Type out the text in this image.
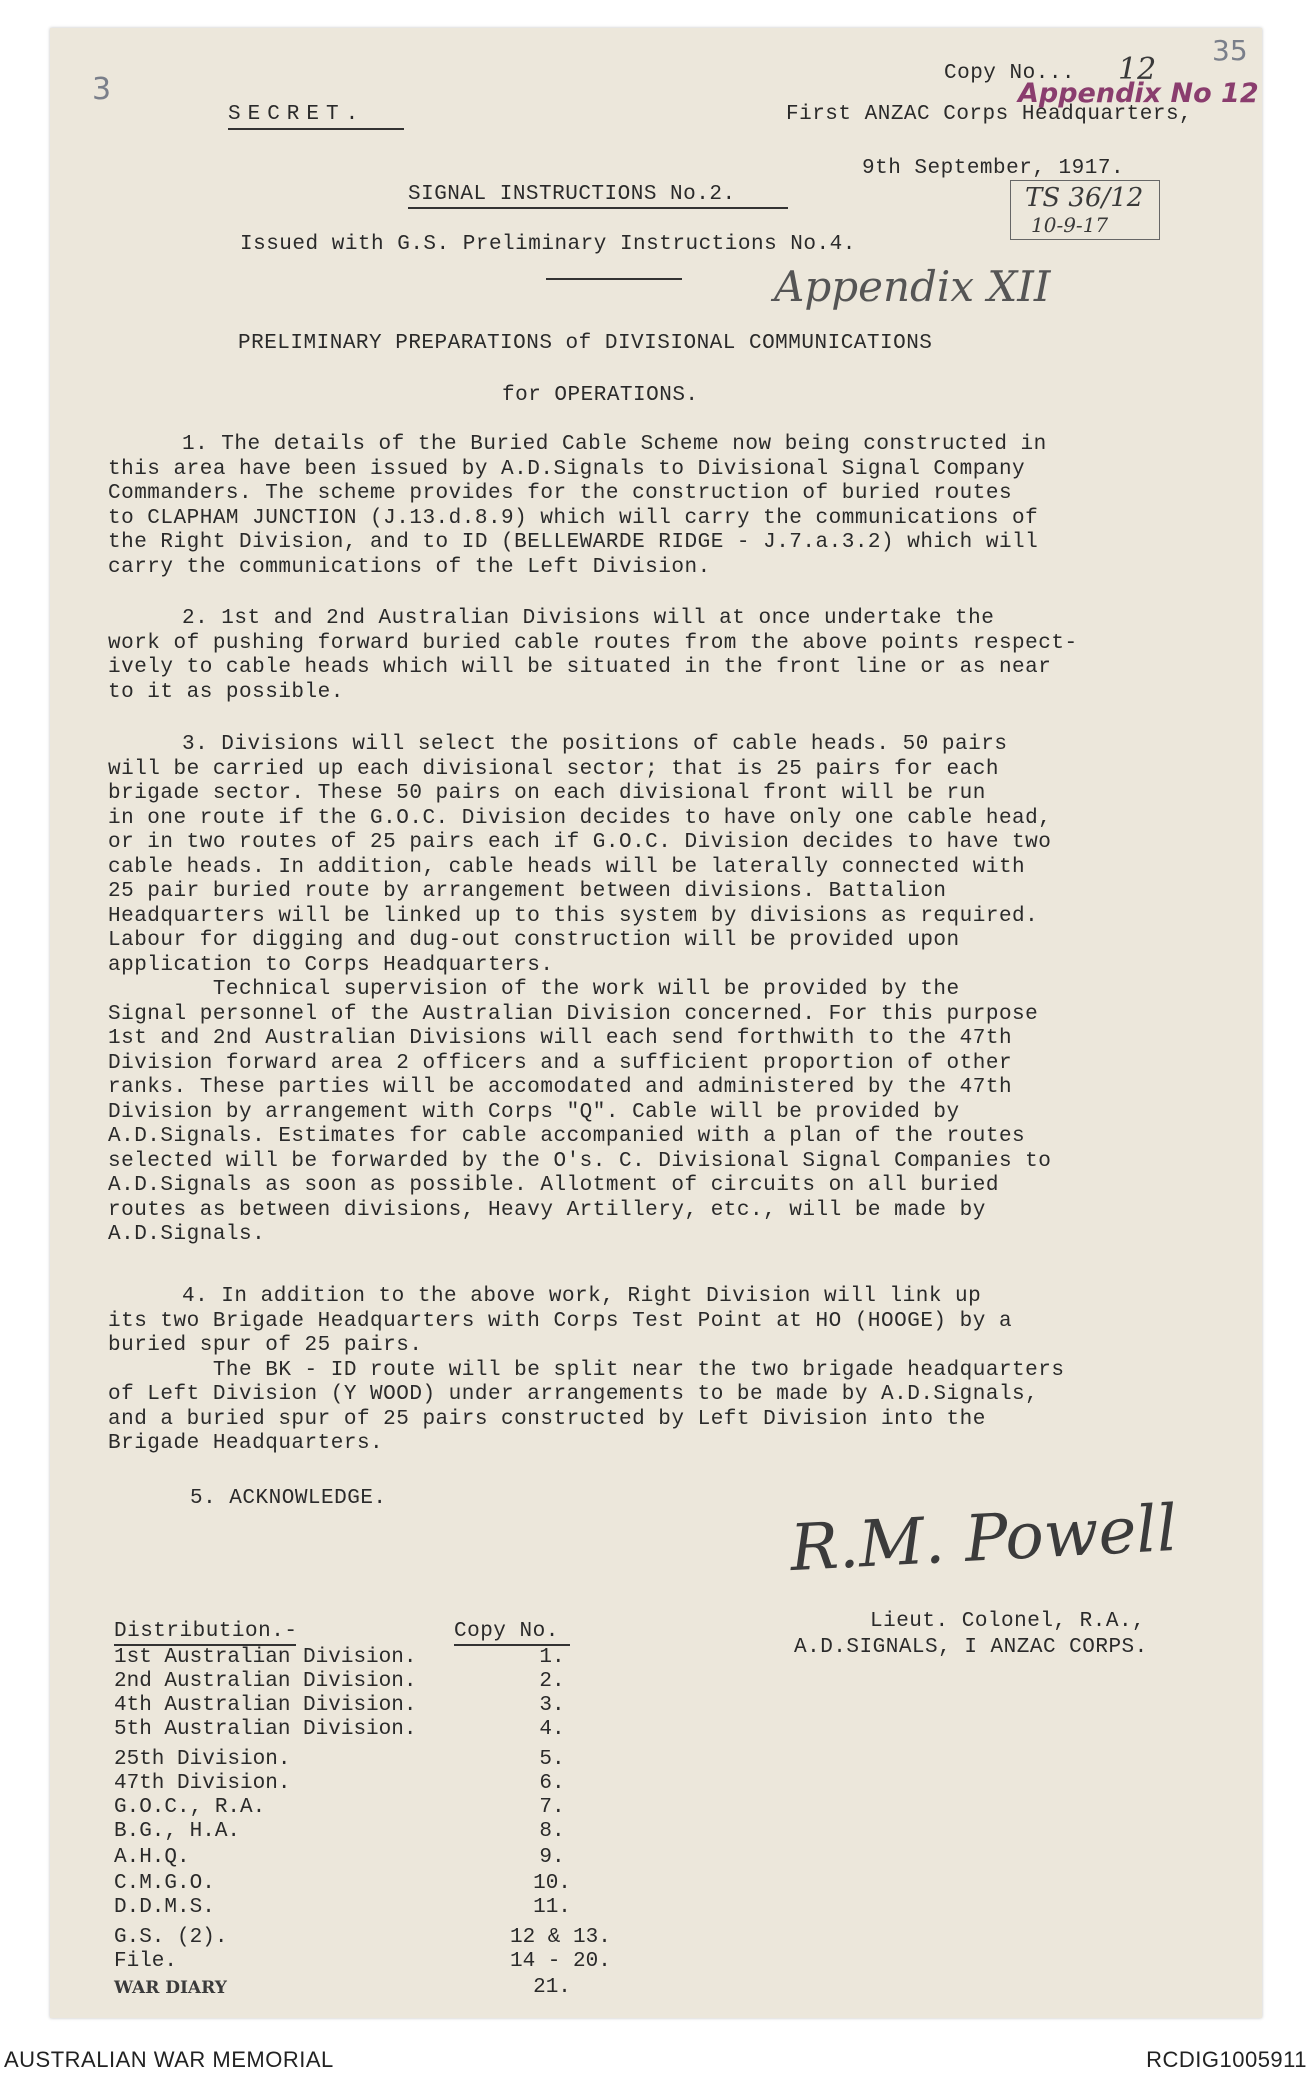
3
35
Copy No... 12
Appendix No 12
SECRET.	First ANZAC Corps Headquarters,
9th September, 1917.
TS 36/12
10-9-17
SIGNAL INSTRUCTIONS No.2.
Issued with G.S. Preliminary Instructions No.4.
Appendix XII
PRELIMINARY PREPARATIONS of DIVISIONAL COMMUNICATIONS
for OPERATIONS.
1. The details of the Buried Cable Scheme now being constructed in
this area have been issued by A.D.Signals to Divisional Signal Company
Commanders. The scheme provides for the construction of buried routes
to CLAPHAM JUNCTION (J.13.d.8.9) which will carry the communications of
the Right Division, and to ID (BELLEWARDE RIDGE - J.7.a.3.2) which will
carry the communications of the Left Division.
2. 1st and 2nd Australian Divisions will at once undertake the
work of pushing forward buried cable routes from the above points respect-
ively to cable heads which will be situated in the front line or as near
to it as possible.
3. Divisions will select the positions of cable heads. 50 pairs
will be carried up each divisional sector; that is 25 pairs for each
brigade sector. These 50 pairs on each divisional front will be run
in one route if the G.O.C. Division decides to have only one cable head,
or in two routes of 25 pairs each if G.O.C. Division decides to have two
cable heads. In addition, cable heads will be laterally connected with
25 pair buried route by arrangement between divisions. Battalion
Headquarters will be linked up to this system by divisions as required.
Labour for digging and dug-out construction will be provided upon
application to Corps Headquarters.
Technical supervision of the work will be provided by the
Signal personnel of the Australian Division concerned. For this purpose
1st and 2nd Australian Divisions will each send forthwith to the 47th
Division forward area 2 officers and a sufficient proportion of other
ranks. These parties will be accomodated and administered by the 47th
Division by arrangement with Corps "Q". Cable will be provided by
A.D.Signals. Estimates for cable accompanied with a plan of the routes
selected will be forwarded by the O's. C. Divisional Signal Companies to
A.D.Signals as soon as possible. Allotment of circuits on all buried
routes as between divisions, Heavy Artillery, etc., will be made by
A.D.Signals.
4. In addition to the above work, Right Division will link up
its two Brigade Headquarters with Corps Test Point at HO (HOOGE) by a
buried spur of 25 pairs.
The BK - ID route will be split near the two brigade headquarters
of Left Division (Y WOOD) under arrangements to be made by A.D.Signals,
and a buried spur of 25 pairs constructed by Left Division into the
Brigade Headquarters.
5. ACKNOWLEDGE.	R.M. Powell
Lieut. Colonel, R.A.,
A.D.SIGNALS, I ANZAC CORPS.
Distribution.-	Copy No.
1st Australian Division.	1.
2nd Australian Division.	2.
4th Australian Division.	3.
5th Australian Division.	4.
25th Division.	5.
47th Division.	6.
G.O.C., R.A.	7.
B.G., H.A.	8.
A.H.Q.	9.
C.M.G.O.	10.
D.D.M.S.	11.
G.S. (2).	12 & 13.
File.	14 - 20.
WAR DIARY	21.
AUSTRALIAN WAR MEMORIAL	RCDIG1005911
